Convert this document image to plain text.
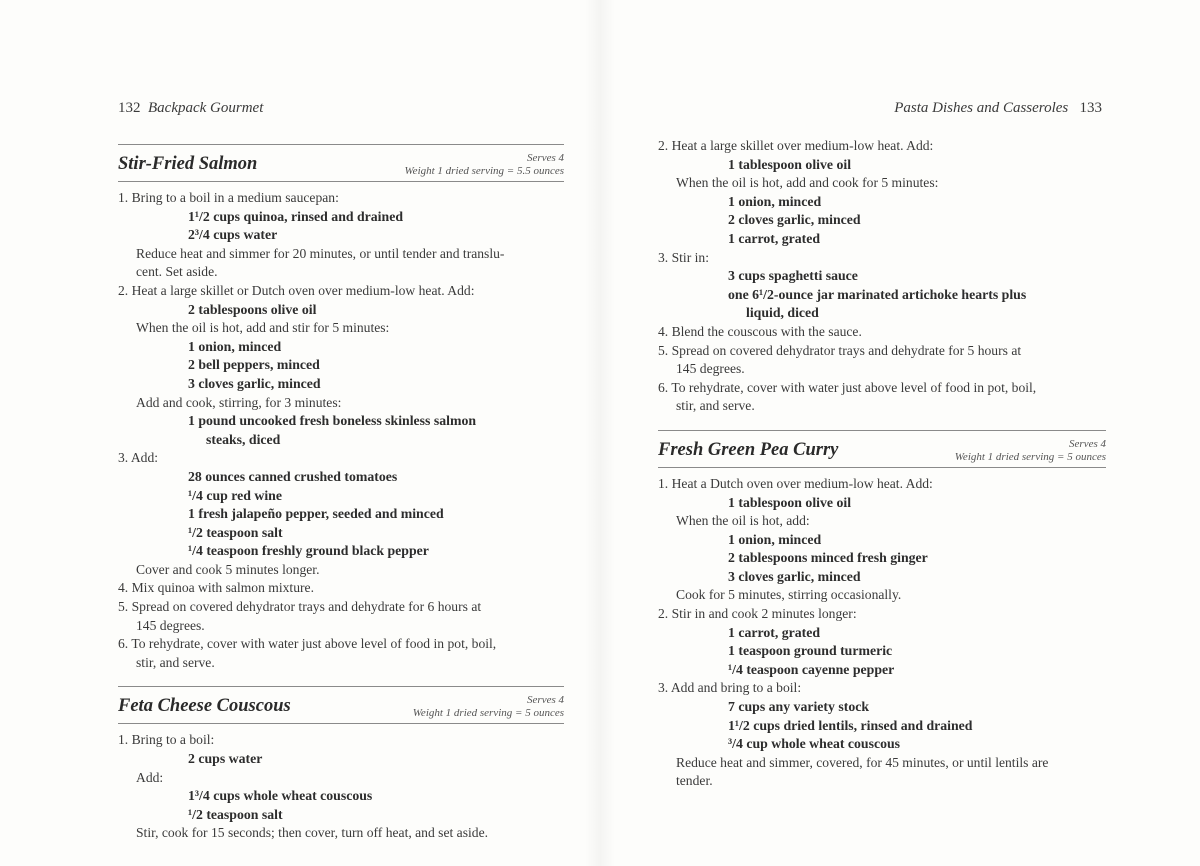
132 Backpack Gourmet
Stir-Fried Salmon	Serves 4
Weight 1 dried serving = 5.5 ounces
1. Bring to a boil in a medium saucepan:
1¹/2 cups quinoa, rinsed and drained
2³/4 cups water
Reduce heat and simmer for 20 minutes, or until tender and translu-
cent. Set aside.
2. Heat a large skillet or Dutch oven over medium-low heat. Add:
2 tablespoons olive oil
When the oil is hot, add and stir for 5 minutes:
1 onion, minced
2 bell peppers, minced
3 cloves garlic, minced
Add and cook, stirring, for 3 minutes:
1 pound uncooked fresh boneless skinless salmon
steaks, diced
3. Add:
28 ounces canned crushed tomatoes
¹/4 cup red wine
1 fresh jalapeño pepper, seeded and minced
¹/2 teaspoon salt
¹/4 teaspoon freshly ground black pepper
Cover and cook 5 minutes longer.
4. Mix quinoa with salmon mixture.
5. Spread on covered dehydrator trays and dehydrate for 6 hours at
145 degrees.
6. To rehydrate, cover with water just above level of food in pot, boil,
stir, and serve.
Feta Cheese Couscous	Serves 4
Weight 1 dried serving = 5 ounces
1. Bring to a boil:
2 cups water
Add:
1³/4 cups whole wheat couscous
¹/2 teaspoon salt
Stir, cook for 15 seconds; then cover, turn off heat, and set aside.
Pasta Dishes and Casseroles 133
2. Heat a large skillet over medium-low heat. Add:
1 tablespoon olive oil
When the oil is hot, add and cook for 5 minutes:
1 onion, minced
2 cloves garlic, minced
1 carrot, grated
3. Stir in:
3 cups spaghetti sauce
one 6¹/2-ounce jar marinated artichoke hearts plus
liquid, diced
4. Blend the couscous with the sauce.
5. Spread on covered dehydrator trays and dehydrate for 5 hours at
145 degrees.
6. To rehydrate, cover with water just above level of food in pot, boil,
stir, and serve.
Fresh Green Pea Curry	Serves 4
Weight 1 dried serving = 5 ounces
1. Heat a Dutch oven over medium-low heat. Add:
1 tablespoon olive oil
When the oil is hot, add:
1 onion, minced
2 tablespoons minced fresh ginger
3 cloves garlic, minced
Cook for 5 minutes, stirring occasionally.
2. Stir in and cook 2 minutes longer:
1 carrot, grated
1 teaspoon ground turmeric
¹/4 teaspoon cayenne pepper
3. Add and bring to a boil:
7 cups any variety stock
1¹/2 cups dried lentils, rinsed and drained
³/4 cup whole wheat couscous
Reduce heat and simmer, covered, for 45 minutes, or until lentils are
tender.
